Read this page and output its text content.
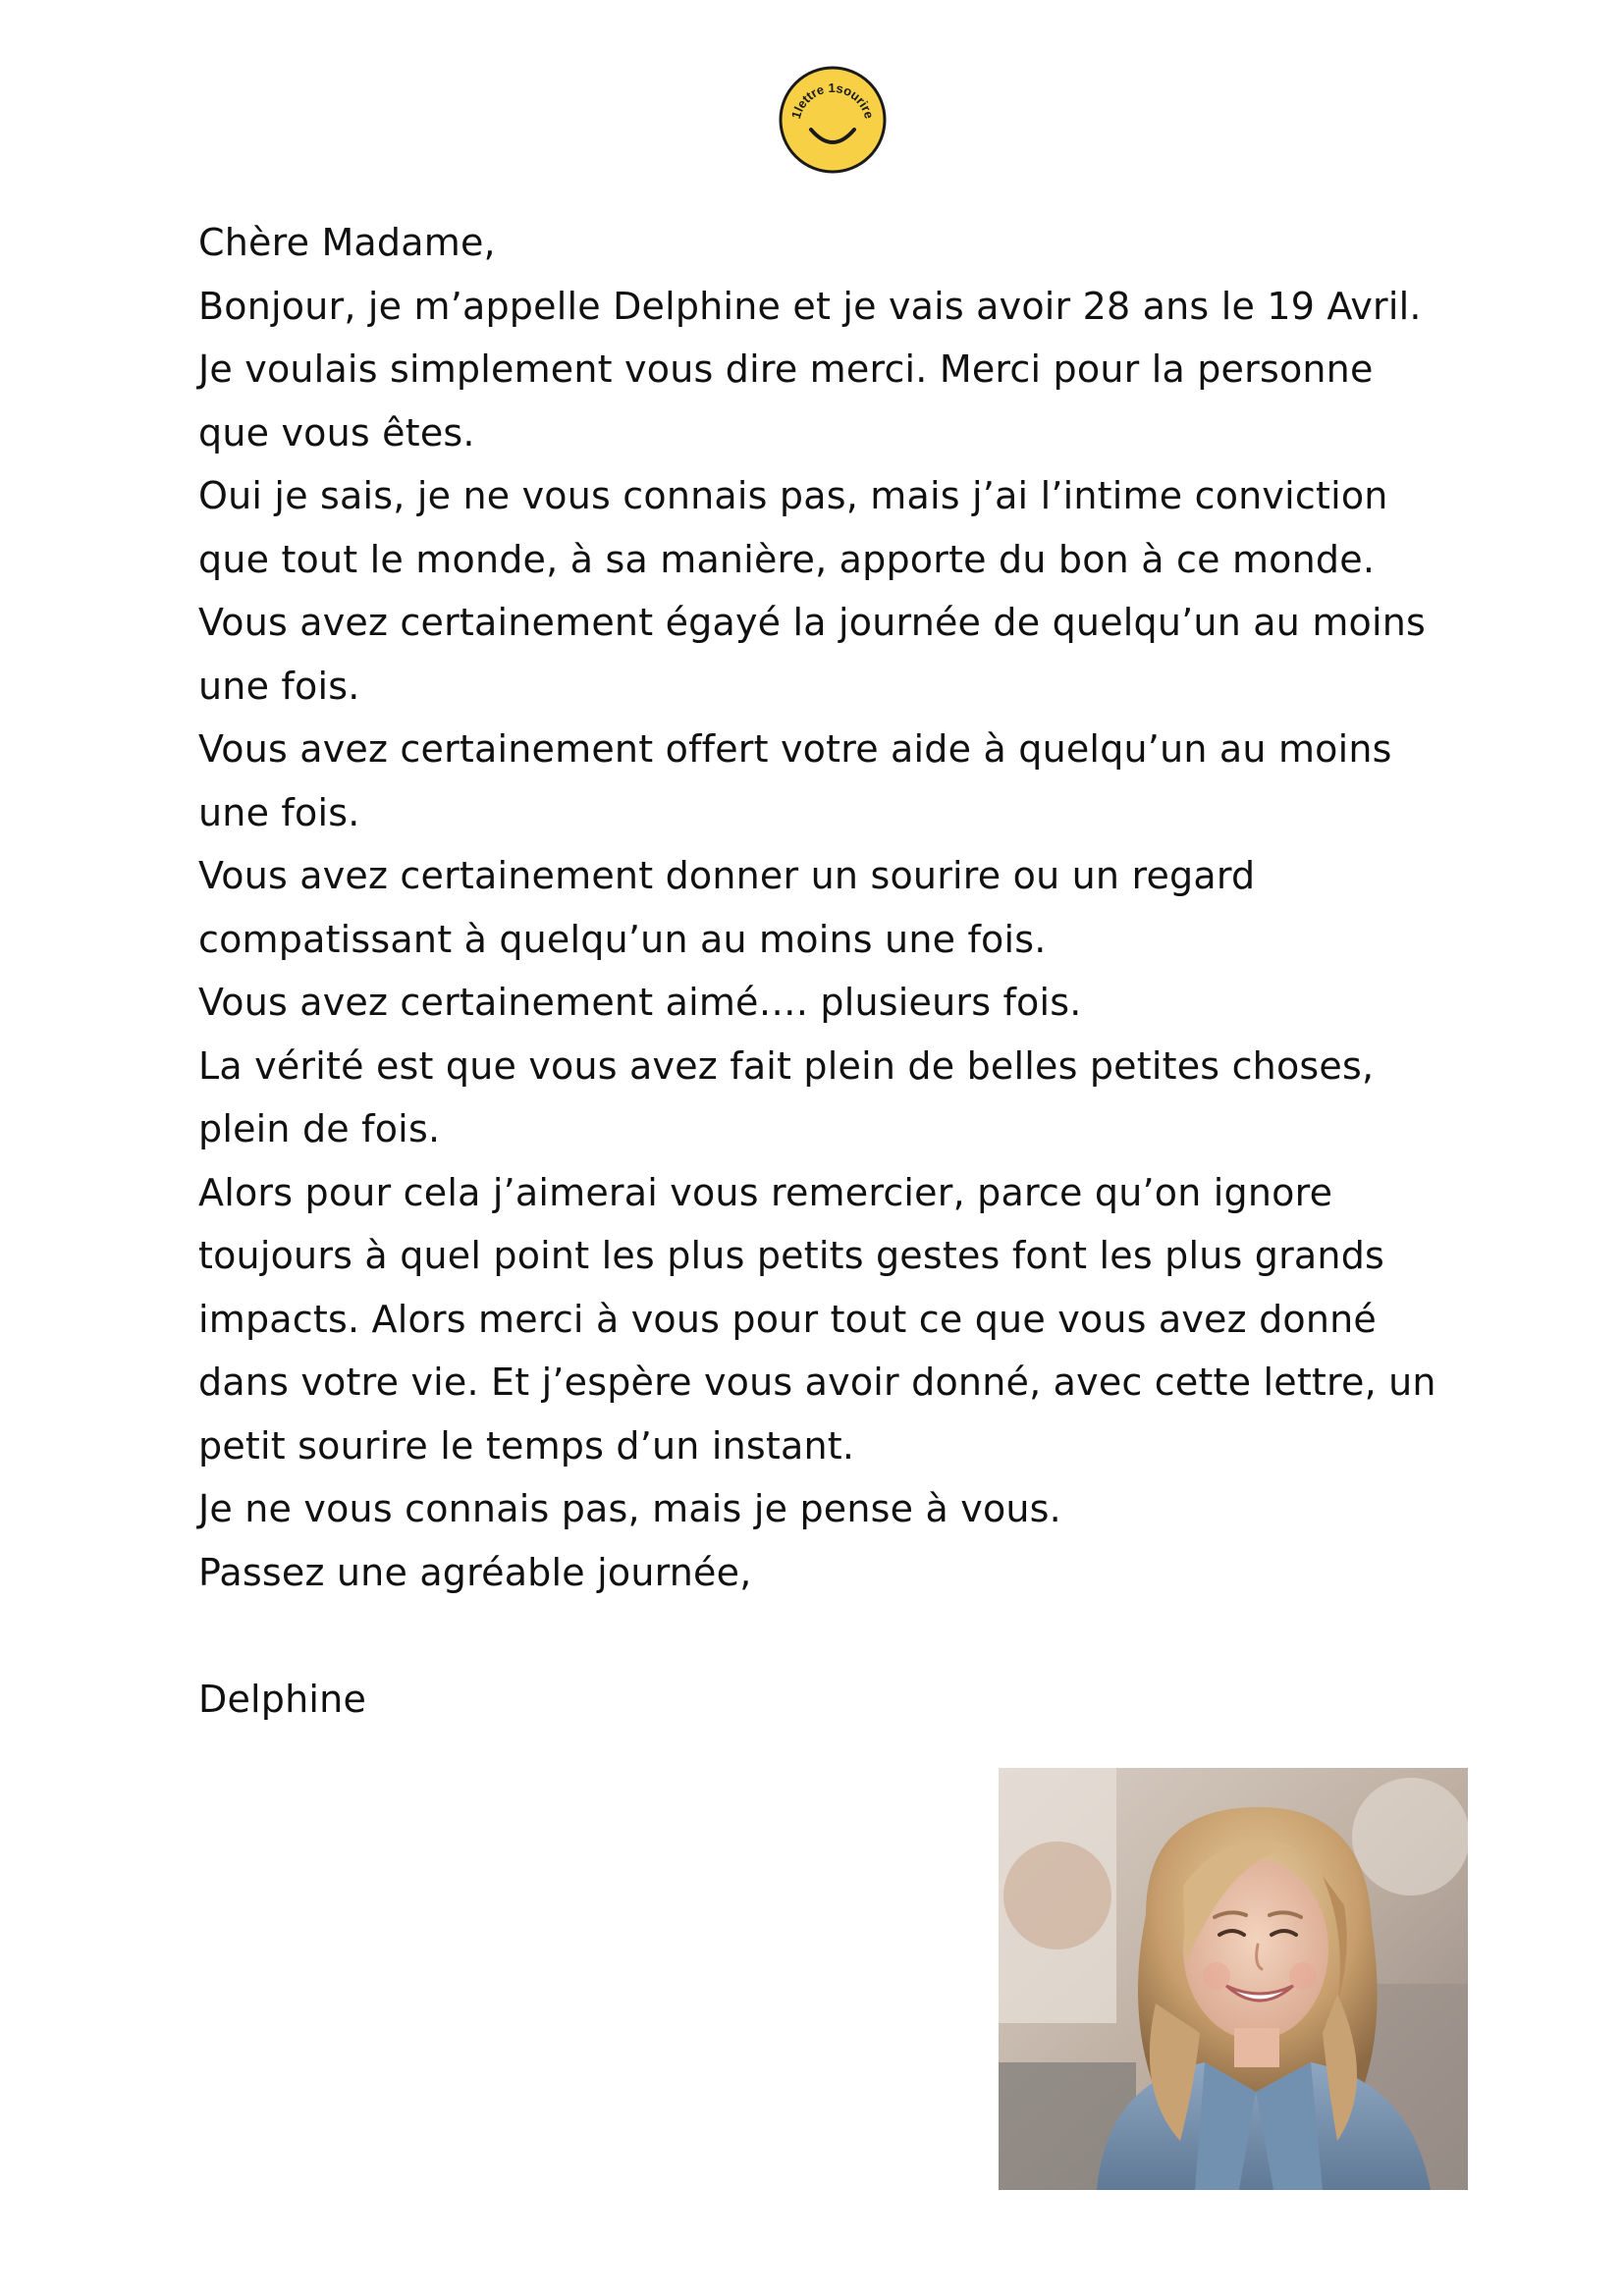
1lettre 1sourire
Chère Madame,
Bonjour, je m’appelle Delphine et je vais avoir 28 ans le 19 Avril.
Je voulais simplement vous dire merci. Merci pour la personne
que vous êtes.
Oui je sais, je ne vous connais pas, mais j’ai l’intime conviction
que tout le monde, à sa manière, apporte du bon à ce monde.
Vous avez certainement égayé la journée de quelqu’un au moins
une fois.
Vous avez certainement offert votre aide à quelqu’un au moins
une fois.
Vous avez certainement donner un sourire ou un regard
compatissant à quelqu’un au moins une fois.
Vous avez certainement aimé…. plusieurs fois.
La vérité est que vous avez fait plein de belles petites choses,
plein de fois.
Alors pour cela j’aimerai vous remercier, parce qu’on ignore
toujours à quel point les plus petits gestes font les plus grands
impacts. Alors merci à vous pour tout ce que vous avez donné
dans votre vie. Et j’espère vous avoir donné, avec cette lettre, un
petit sourire le temps d’un instant.
Je ne vous connais pas, mais je pense à vous.
Passez une agréable journée,
Delphine
